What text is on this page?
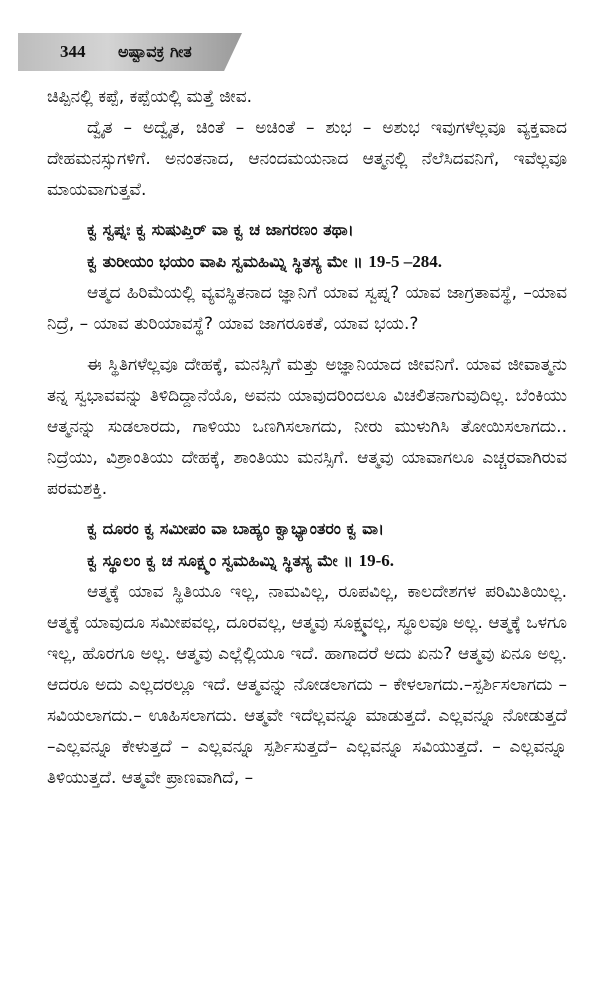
344 ಅಷ್ಟಾವಕ್ರ ಗೀತ

ಚಿಪ್ಪಿನಲ್ಲಿ ಕಪ್ಪೆ, ಕಪ್ಪೆಯಲ್ಲಿ ಮತ್ತೆ ಜೀವ.

ದ್ವೈತ – ಅದ್ವೈತ, ಚಿಂತೆ – ಅಚಿಂತೆ – ಶುಭ – ಅಶುಭ ಇವುಗಳೆಲ್ಲವೂ ವ್ಯಕ್ತವಾದ ದೇಹಮನಸ್ಸುಗಳಿಗೆ. ಅನಂತನಾದ, ಆನಂದಮಯನಾದ ಆತ್ಮನಲ್ಲಿ ನೆಲೆಸಿದವನಿಗೆ, ಇವೆಲ್ಲವೂ ಮಾಯವಾಗುತ್ತವೆ.

ಕ್ವ ಸ್ವಪ್ನಃ ಕ್ವ ಸುಷುಪ್ತಿರ್ ವಾ ಕ್ವ ಚ ಜಾಗರಣಂ ತಥಾ।
ಕ್ವ ತುರೀಯಂ ಭಯಂ ವಾಪಿ ಸ್ವಮಹಿಮ್ನಿ ಸ್ಥಿತಸ್ಯ ಮೇ ॥ 19-5 –284.

ಆತ್ಮದ ಹಿರಿಮೆಯಲ್ಲಿ ವ್ಯವಸ್ಥಿತನಾದ ಜ್ಞಾನಿಗೆ ಯಾವ ಸ್ವಪ್ನ? ಯಾವ ಜಾಗ್ರತಾವಸ್ಥೆ, –ಯಾವ ನಿದ್ರೆ, – ಯಾವ ತುರಿಯಾವಸ್ಥೆ? ಯಾವ ಜಾಗರೂಕತೆ, ಯಾವ ಭಯ.?

ಈ ಸ್ಥಿತಿಗಳೆಲ್ಲವೂ ದೇಹಕ್ಕೆ, ಮನಸ್ಸಿಗೆ ಮತ್ತು ಅಜ್ಞಾನಿಯಾದ ಜೀವನಿಗೆ. ಯಾವ ಜೀವಾತ್ಮನು ತನ್ನ ಸ್ವಭಾವವನ್ನು ತಿಳಿದಿದ್ದಾನೆಯೊ, ಅವನು ಯಾವುದರಿಂದಲೂ ವಿಚಲಿತನಾಗುವುದಿಲ್ಲ. ಬೆಂಕಿಯು ಆತ್ಮನನ್ನು ಸುಡಲಾರದು, ಗಾಳಿಯು ಒಣಗಿಸಲಾಗದು, ನೀರು ಮುಳುಗಿಸಿ ತೋಯಿಸಲಾಗದು.. ನಿದ್ರೆಯು, ವಿಶ್ರಾಂತಿಯು ದೇಹಕ್ಕೆ, ಶಾಂತಿಯು ಮನಸ್ಸಿಗೆ. ಆತ್ಮವು ಯಾವಾಗಲೂ ಎಚ್ಚರವಾಗಿರುವ ಪರಮಶಕ್ತಿ.

ಕ್ವ ದೂರಂ ಕ್ವ ಸಮೀಪಂ ವಾ ಬಾಹ್ಯಂ ಕ್ವಾಭ್ಯಾಂತರಂ ಕ್ವ ವಾ।
ಕ್ವ ಸ್ಥೂಲಂ ಕ್ವ ಚ ಸೂಕ್ಷ್ಮಂ ಸ್ವಮಹಿಮ್ನಿ ಸ್ಥಿತಸ್ಯ ಮೇ ॥ 19-6.

ಆತ್ಮಕ್ಕೆ ಯಾವ ಸ್ಥಿತಿಯೂ ಇಲ್ಲ, ನಾಮವಿಲ್ಲ, ರೂಪವಿಲ್ಲ, ಕಾಲದೇಶಗಳ ಪರಿಮಿತಿಯಿಲ್ಲ. ಆತ್ಮಕ್ಕೆ ಯಾವುದೂ ಸಮೀಪವಲ್ಲ, ದೂರವಲ್ಲ, ಆತ್ಮವು ಸೂಕ್ಷ್ಮವಲ್ಲ, ಸ್ಥೂಲವೂ ಅಲ್ಲ. ಆತ್ಮಕ್ಕೆ ಒಳಗೂ ಇಲ್ಲ, ಹೊರಗೂ ಅಲ್ಲ. ಆತ್ಮವು ಎಲ್ಲೆಲ್ಲಿಯೂ ಇದೆ. ಹಾಗಾದರೆ ಅದು ಏನು? ಆತ್ಮವು ಏನೂ ಅಲ್ಲ. ಆದರೂ ಅದು ಎಲ್ಲದರಲ್ಲೂ ಇದೆ. ಆತ್ಮವನ್ನು ನೋಡಲಾಗದು – ಕೇಳಲಾಗದು.–ಸ್ಪರ್ಶಿಸಲಾಗದು – ಸವಿಯಲಾಗದು.– ಊಹಿಸಲಾಗದು. ಆತ್ಮವೇ ಇದೆಲ್ಲವನ್ನೂ ಮಾಡುತ್ತದೆ. ಎಲ್ಲವನ್ನೂ ನೋಡುತ್ತದೆ –ಎಲ್ಲವನ್ನೂ ಕೇಳುತ್ತದೆ – ಎಲ್ಲವನ್ನೂ ಸ್ಪರ್ಶಿಸುತ್ತದೆ– ಎಲ್ಲವನ್ನೂ ಸವಿಯುತ್ತದೆ. – ಎಲ್ಲವನ್ನೂ ತಿಳಿಯುತ್ತದೆ. ಆತ್ಮವೇ ಪ್ರಾಣವಾಗಿದೆ, –
